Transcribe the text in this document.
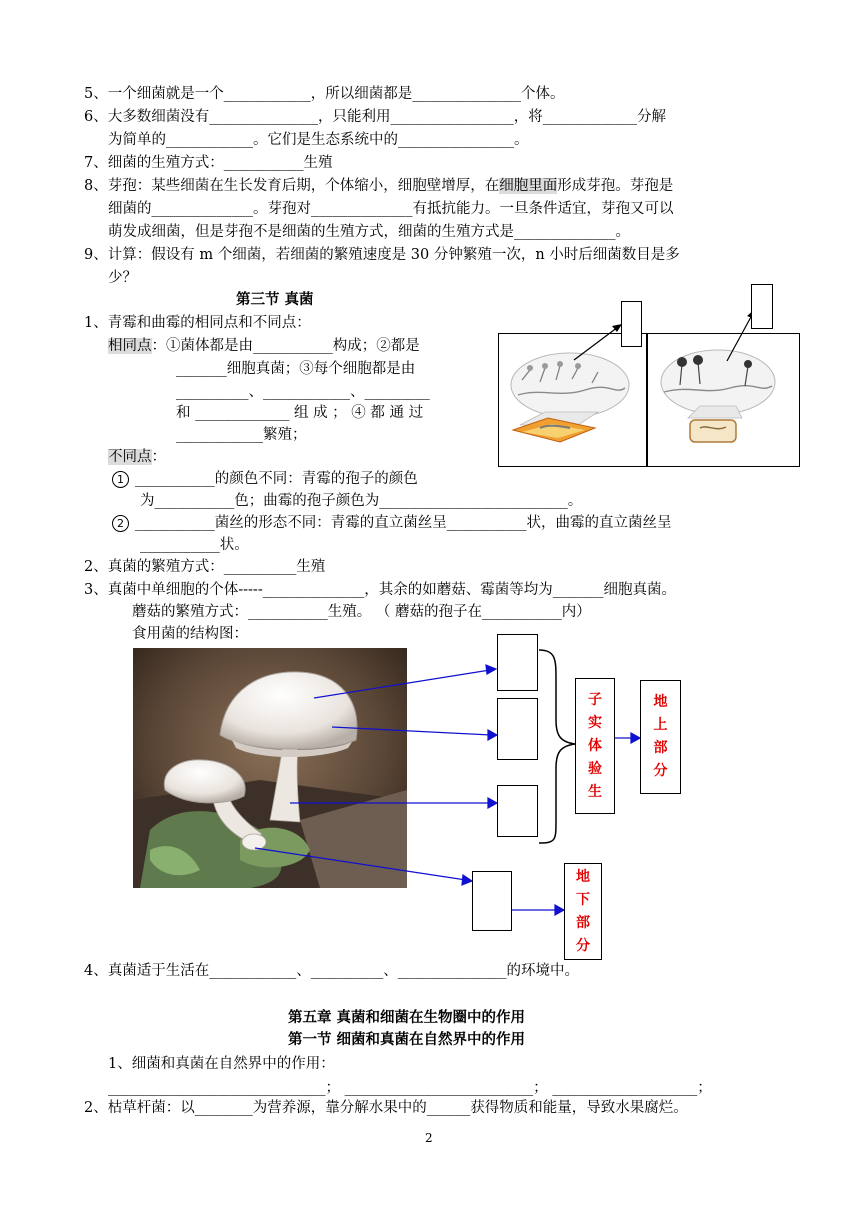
5、一个细菌就是一个____________，所以细菌都是_______________个体。
6、大多数细菌没有_______________，只能利用_________________，将_____________分解
为简单的____________。它们是生态系统中的________________。
7、细菌的生殖方式：___________生殖
8、芽孢：某些细菌在生长发育后期，个体缩小，细胞壁增厚，在细胞里面形成芽孢。芽孢是
细菌的______________。芽孢对______________有抵抗能力。一旦条件适宜，芽孢又可以
萌发成细菌，但是芽孢不是细菌的生殖方式，细菌的生殖方式是______________。
9、计算：假设有 m 个细菌，若细菌的繁殖速度是 30 分钟繁殖一次，n 小时后细菌数目是多
少？
第三节 真菌
1、青霉和曲霉的相同点和不同点：
相同点：①菌体都是由___________构成；②都是
_______细胞真菌；③每个细胞都是由
__________、____________、_________
和 _____________ 组 成 ； ④ 都 通 过
____________繁殖；
不同点：
1 ___________的颜色不同：青霉的孢子的颜色
为___________色；曲霉的孢子颜色为__________________________。
2 ___________菌丝的形态不同：青霉的直立菌丝呈___________状，曲霉的直立菌丝呈
___________状。
2、真菌的繁殖方式：__________生殖
3、真菌中单细胞的个体-----______________，其余的如蘑菇、霉菌等均为_______细胞真菌。
蘑菇的繁殖方式：___________生殖。 （ 蘑菇的孢子在___________内）
食用菌的结构图：
4、真菌适于生活在____________、__________、_______________的环境中。
第五章 真菌和细菌在生物圈中的作用
第一节 细菌和真菌在自然界中的作用
1、细菌和真菌在自然界中的作用：
______________________________； __________________________； ____________________；
2、枯草杆菌：以________为营养源，靠分解水果中的______获得物质和能量，导致水果腐烂。
2
子实体验生
地上部分
地下部分
